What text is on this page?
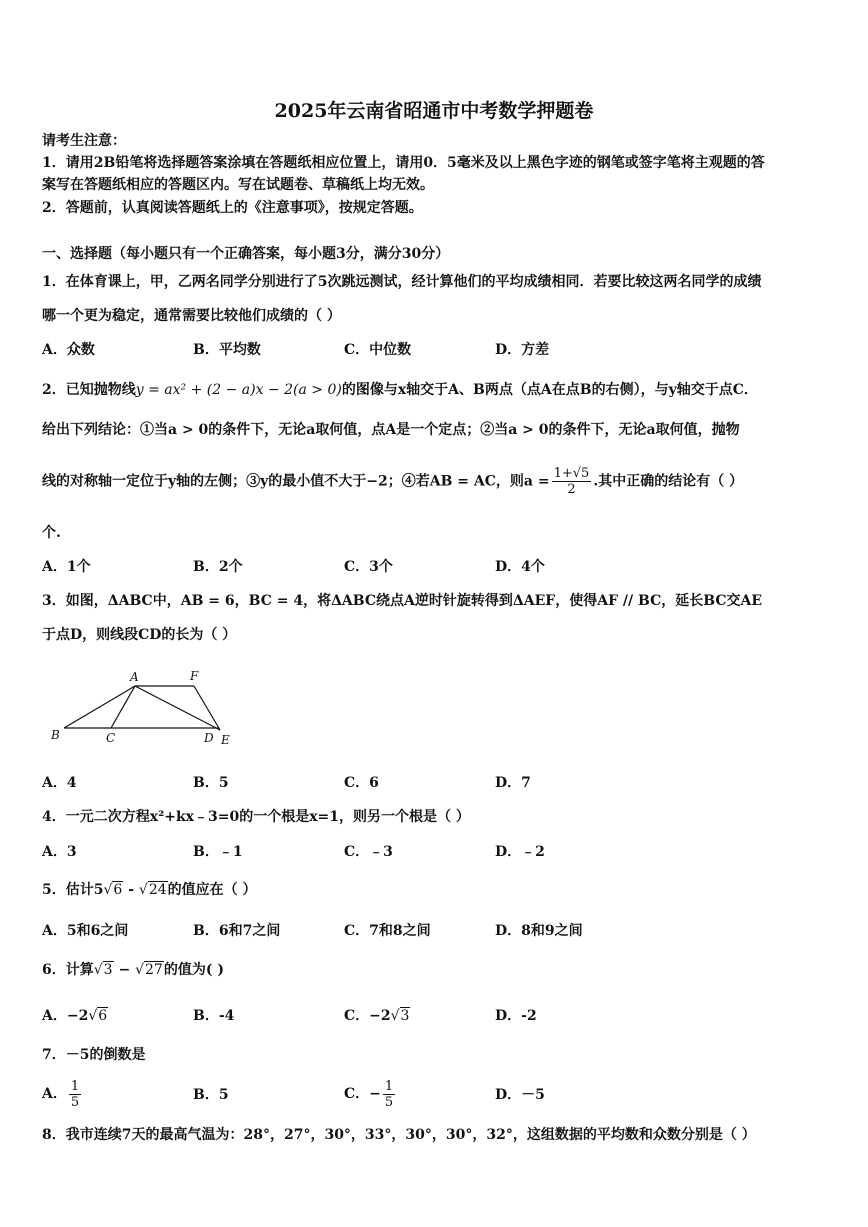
2025年云南省昭通市中考数学押题卷
请考生注意：
1．请用2B铅笔将选择题答案涂填在答题纸相应位置上，请用0．5毫米及以上黑色字迹的钢笔或签字笔将主观题的答
案写在答题纸相应的答题区内。写在试题卷、草稿纸上均无效。
2．答题前，认真阅读答题纸上的《注意事项》，按规定答题。
一、选择题（每小题只有一个正确答案，每小题3分，满分30分）
1．在体育课上，甲，乙两名同学分别进行了5次跳远测试，经计算他们的平均成绩相同．若要比较这两名同学的成绩
哪一个更为稳定，通常需要比较他们成绩的（ ）
A．众数	B．平均数	C．中位数	D．方差
2．已知抛物线y = ax² + (2 − a)x − 2(a > 0)的图像与x轴交于A、B两点（点A在点B的右侧），与y轴交于点C．
给出下列结论：①当a > 0的条件下，无论a取何值，点A是一个定点；②当a > 0的条件下，无论a取何值，抛物
线的对称轴一定位于y轴的左侧；③y的最小值不大于−2；④若AB = AC，则$a = \frac{1+√5}{2}$ .其中正确的结论有（ ）
个.
A．1个	B．2个	C．3个	D．4个
3．如图，ΔABC中，AB = 6，BC = 4，将ΔABC绕点A逆时针旋转得到ΔAEF，使得AF // BC，延长BC交AE
于点D，则线段CD的长为（ ）
A	F
B	C	D E
A．4	B．5	C．6	D．7
4．一元二次方程x²+kx﹣3=0的一个根是x=1，则另一个根是（ ）
A．3	B．﹣1	C．﹣3	D．﹣2
5．估计5√6 - √24的值应在（ ）
A．5和6之间	B．6和7之间	C．7和8之间	D．8和9之间
6．计算√3 − √27的值为( )
A．−2√6	B．-4	C．−2√3	D．-2
7．－5的倒数是
A． $\frac{1}{5}$	B．5	C．− $\frac{1}{5}$	D．－5
8．我市连续7天的最高气温为：28°，27°，30°，33°，30°，30°，32°，这组数据的平均数和众数分别是（ ）
